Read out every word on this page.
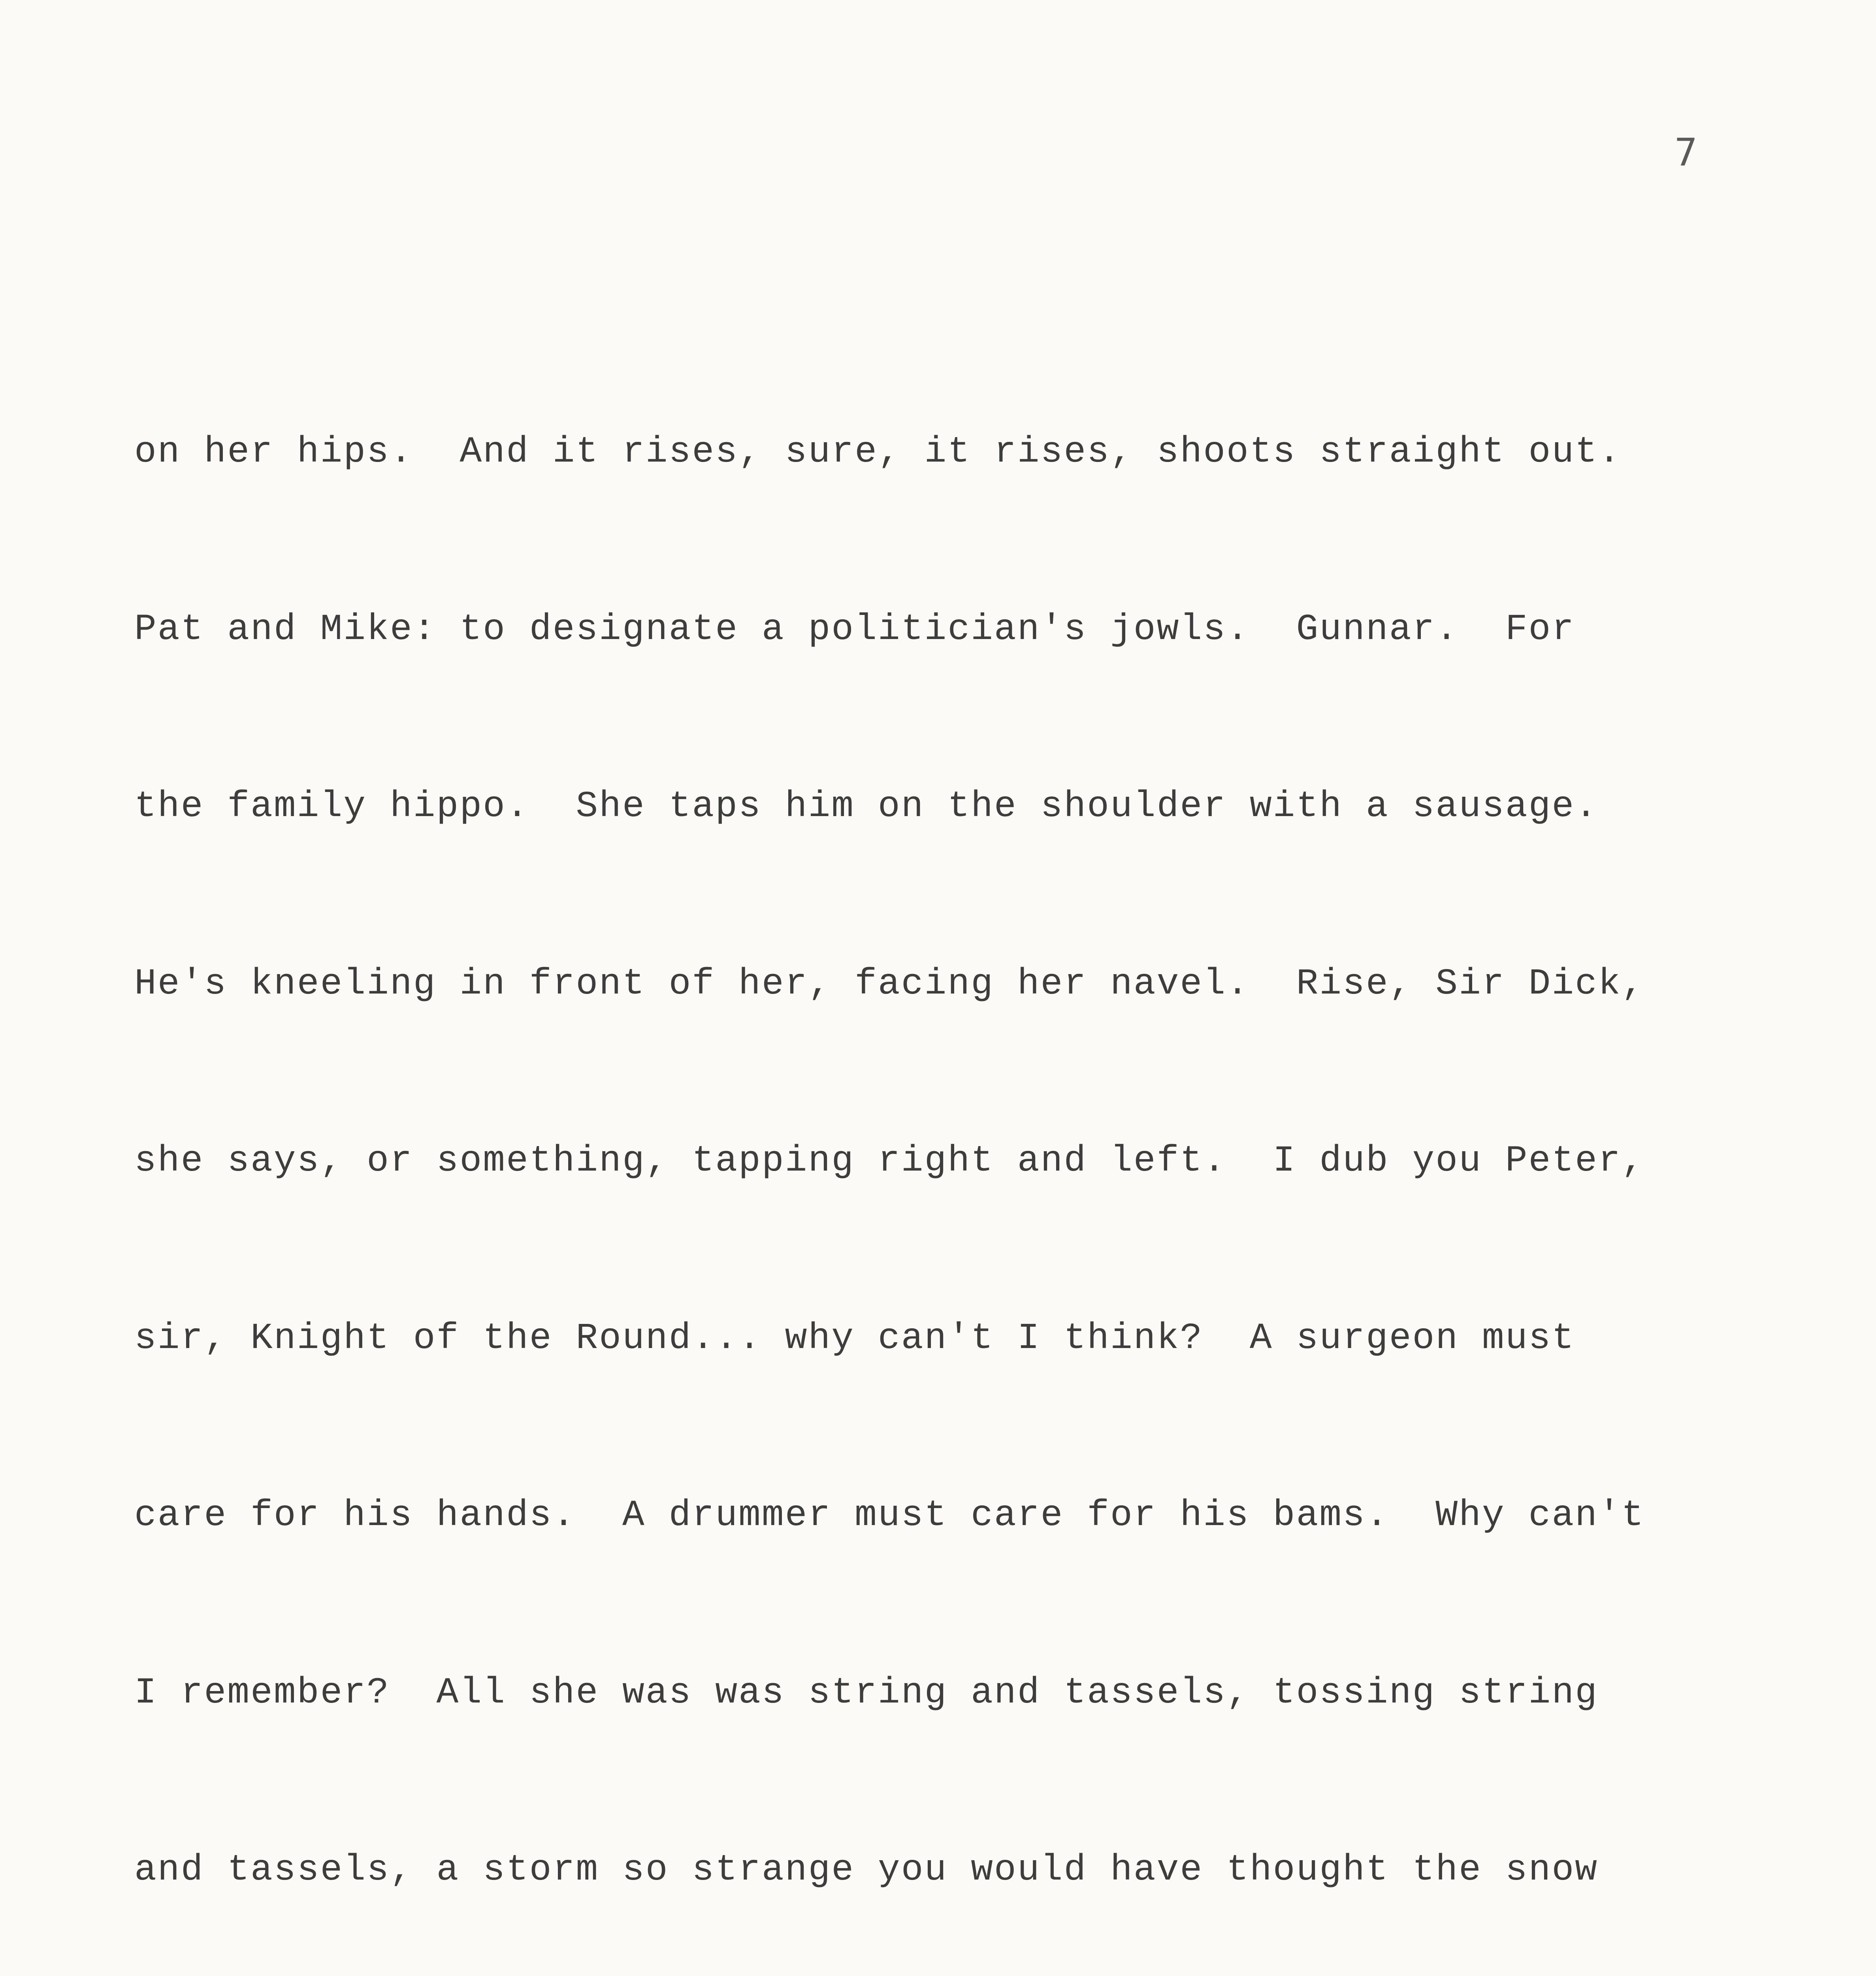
7

on her hips.  And it rises, sure, it rises, shoots straight out.

Pat and Mike: to designate a politician's jowls.  Gunnar.  For

the family hippo.  She taps him on the shoulder with a sausage.

He's kneeling in front of her, facing her navel.  Rise, Sir Dick,

she says, or something, tapping right and left.  I dub you Peter,

sir, Knight of the Round... why can't I think?  A surgeon must

care for his hands.  A drummer must care for his bams.  Why can't

I remember?  All she was was string and tassels, tossing string

and tassels, a storm so strange you would have thought the snow
